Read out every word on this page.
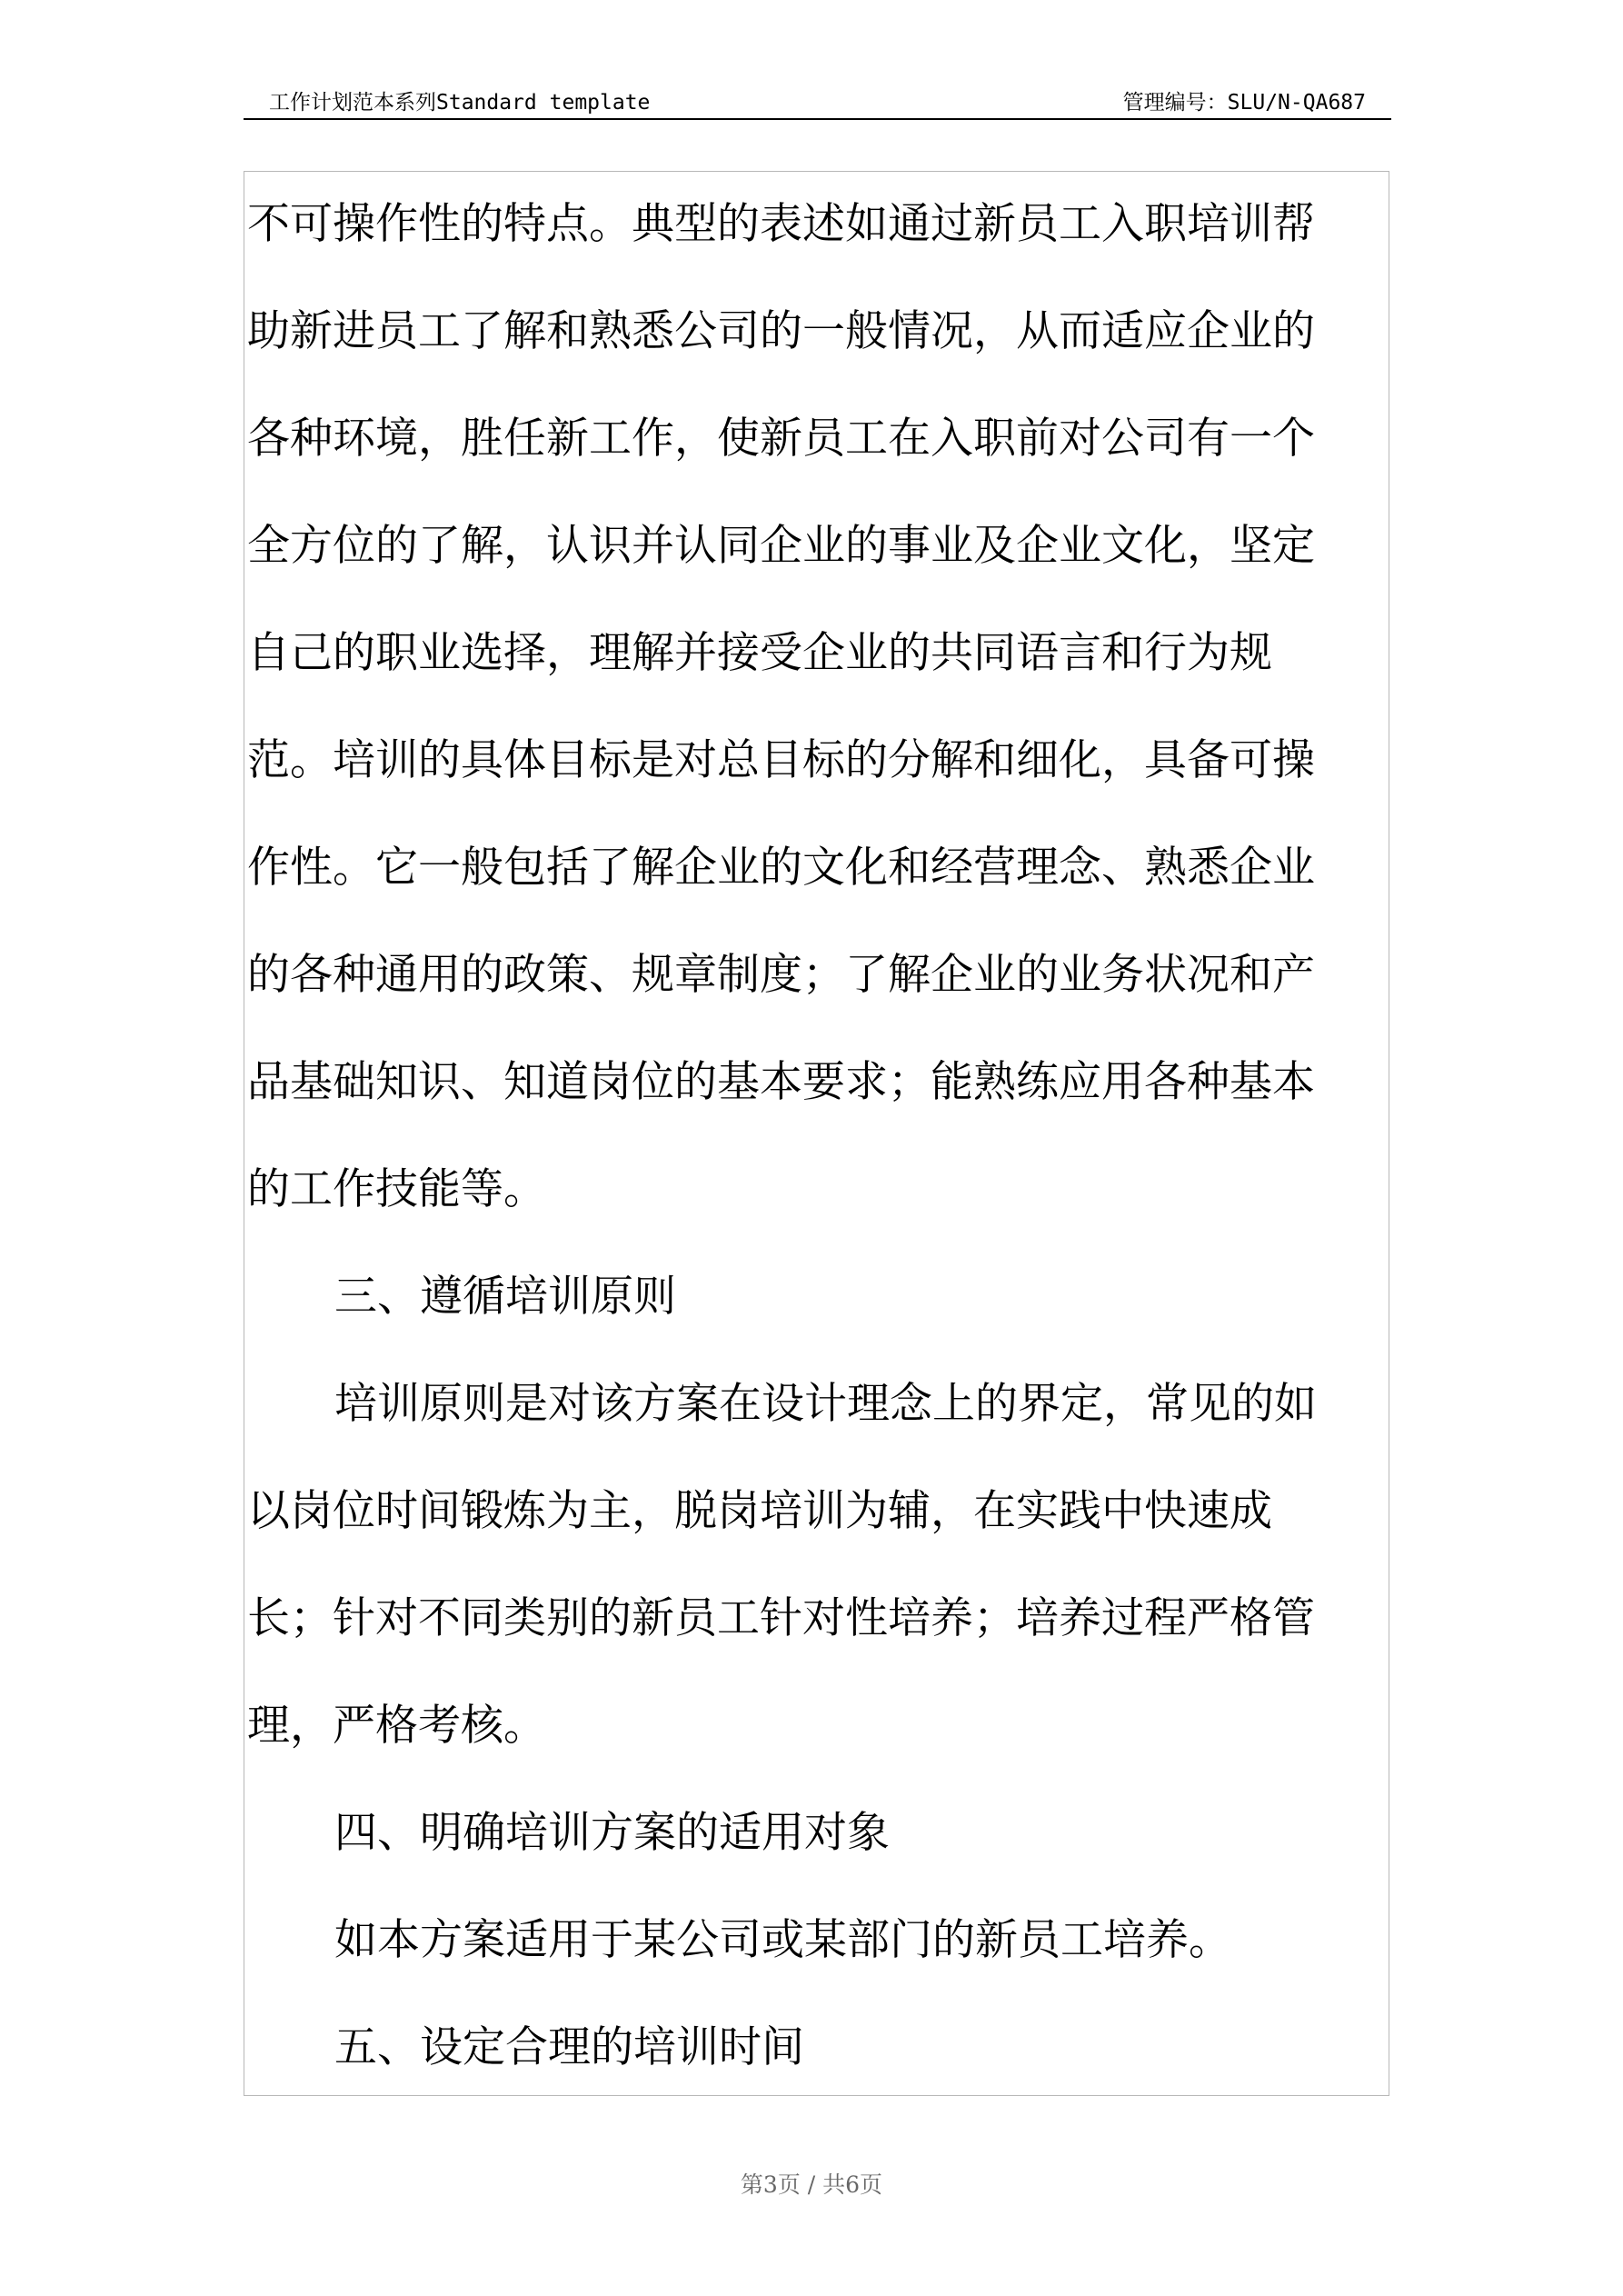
工作计划范本系列Standard template	管理编号：SLU/N-QA687
不可操作性的特点。典型的表述如通过新员工入职培训帮
助新进员工了解和熟悉公司的一般情况，从而适应企业的
各种环境，胜任新工作，使新员工在入职前对公司有一个
全方位的了解，认识并认同企业的事业及企业文化，坚定
自己的职业选择，理解并接受企业的共同语言和行为规
范。培训的具体目标是对总目标的分解和细化，具备可操
作性。它一般包括了解企业的文化和经营理念、熟悉企业
的各种通用的政策、规章制度；了解企业的业务状况和产
品基础知识、知道岗位的基本要求；能熟练应用各种基本
的工作技能等。
三、遵循培训原则
培训原则是对该方案在设计理念上的界定，常见的如
以岗位时间锻炼为主，脱岗培训为辅，在实践中快速成
长；针对不同类别的新员工针对性培养；培养过程严格管
理，严格考核。
四、明确培训方案的适用对象
如本方案适用于某公司或某部门的新员工培养。
五、设定合理的培训时间
第3页 / 共6页
